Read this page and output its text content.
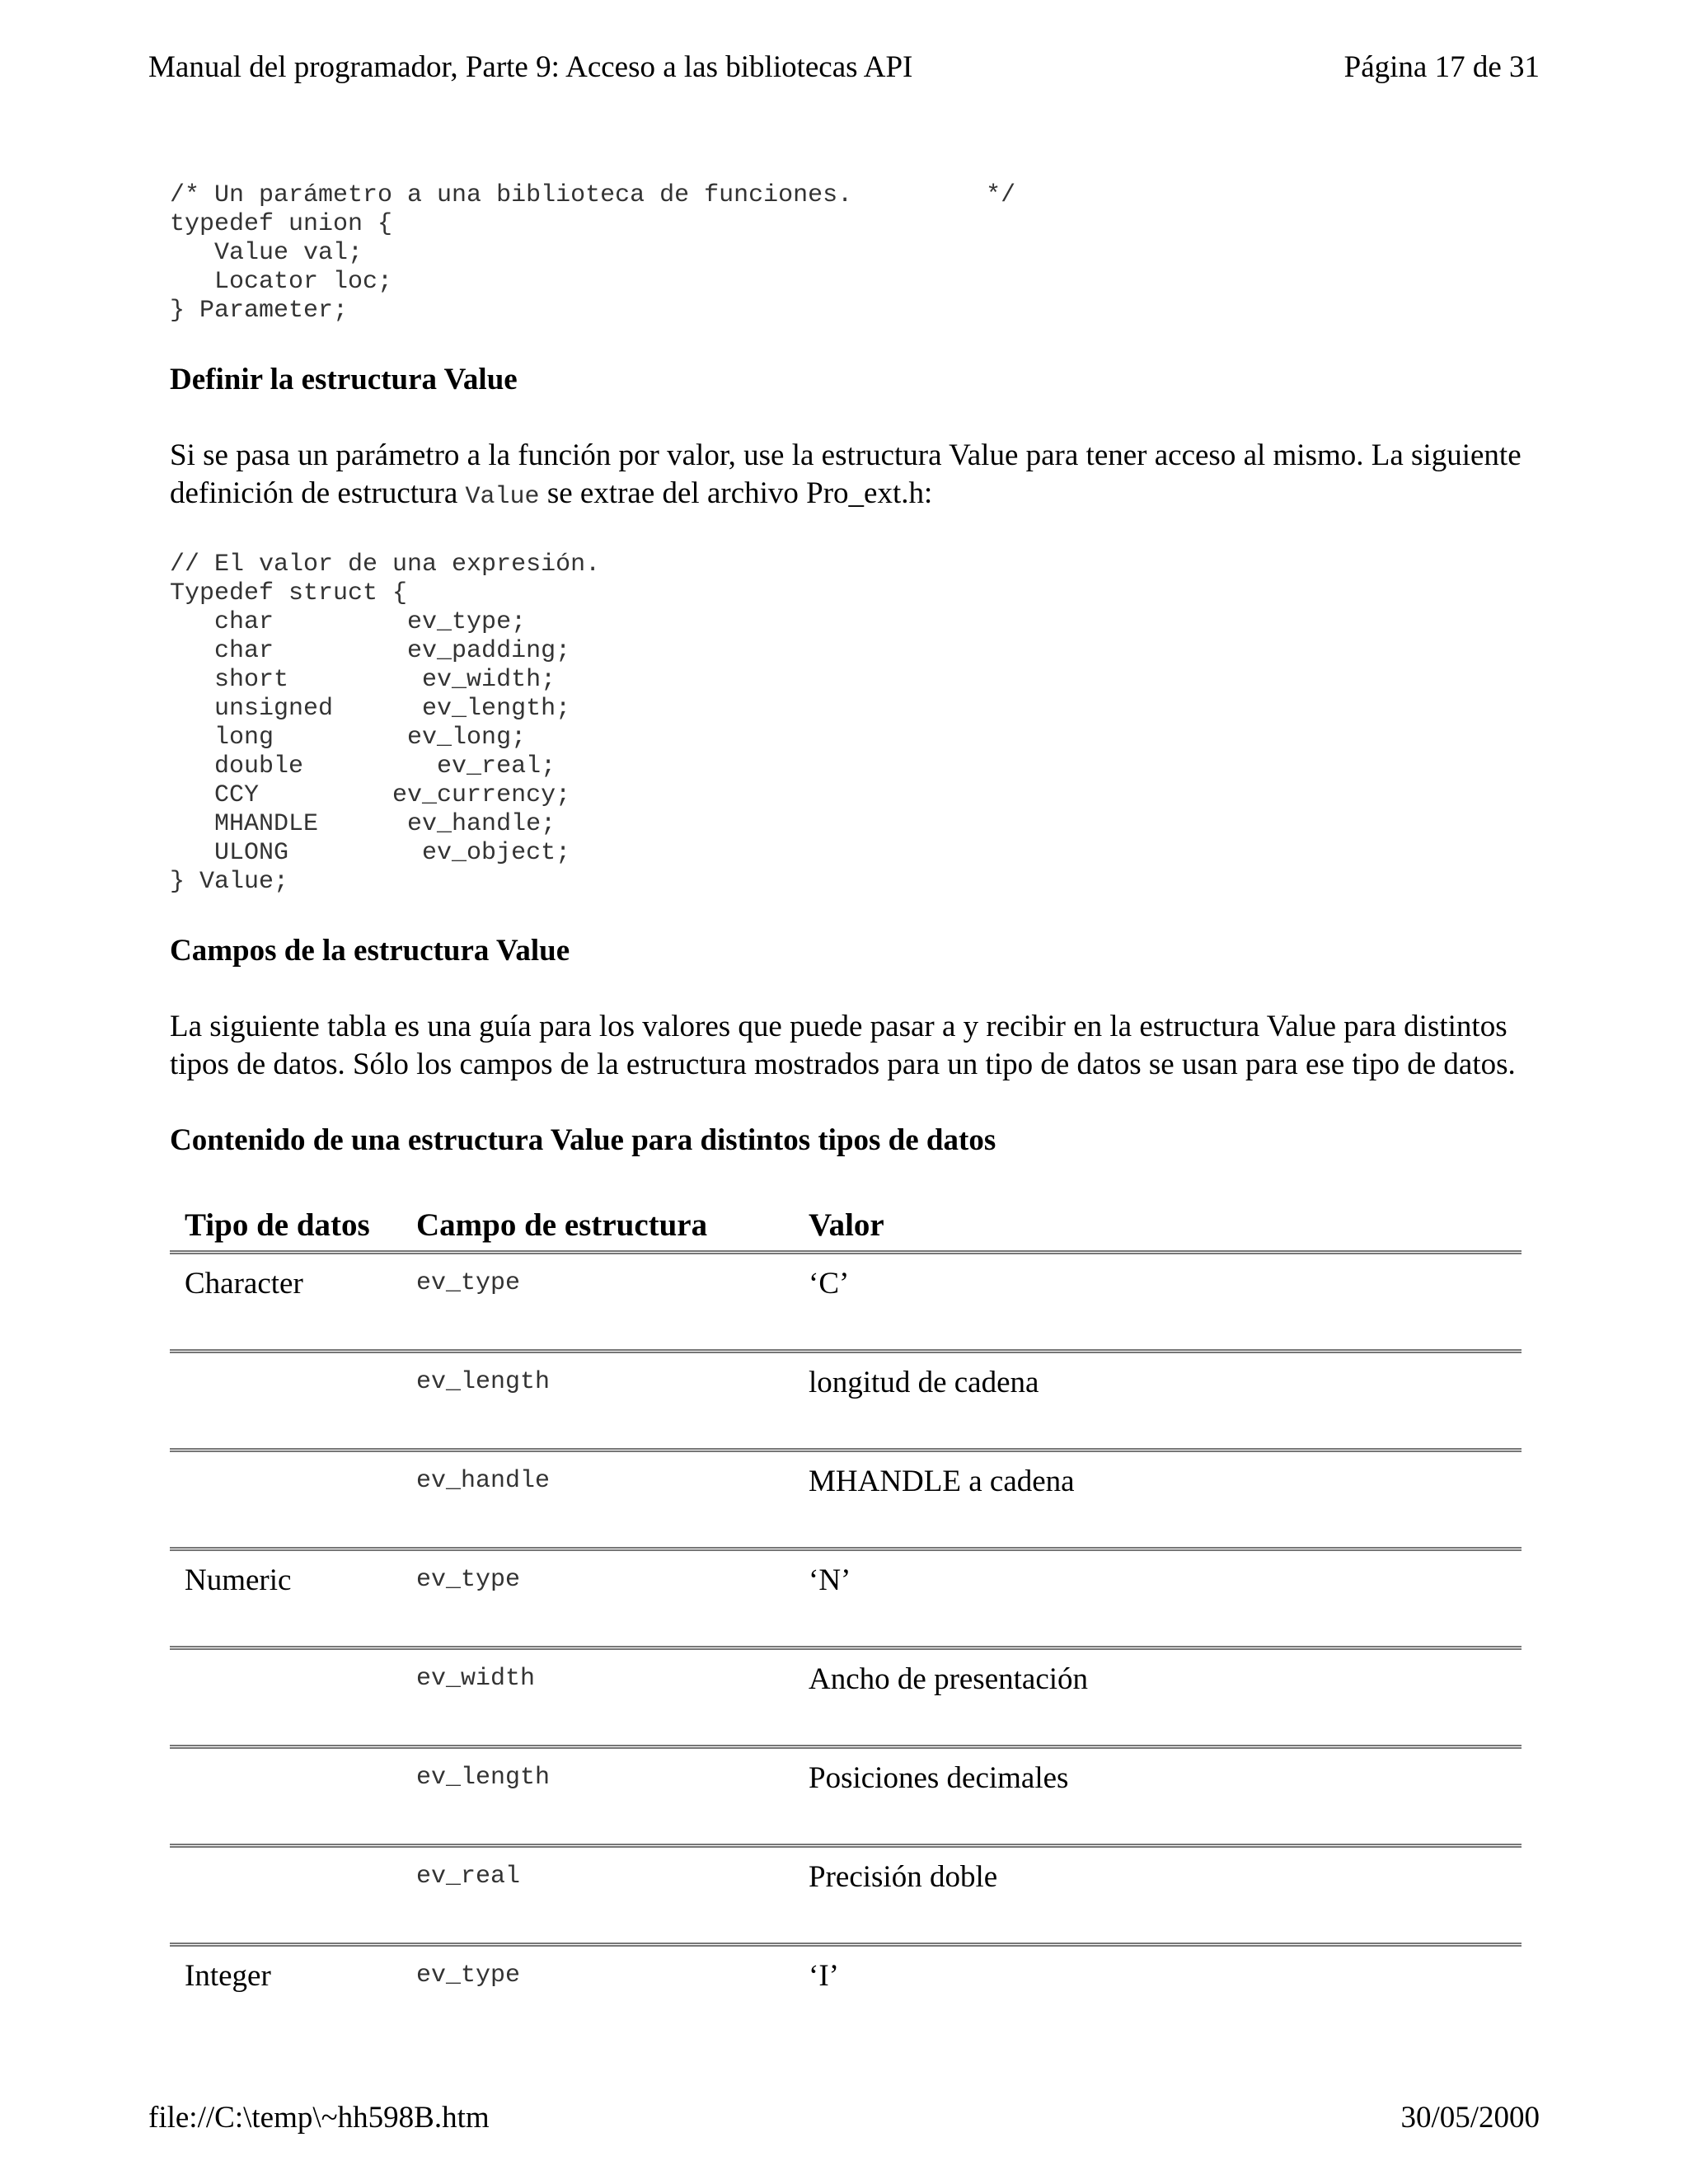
Manual del programador, Parte 9: Acceso a las bibliotecas API	Página 17 de 31
/* Un parámetro a una biblioteca de funciones.         */
typedef union {
Value val;
Locator loc;
} Parameter;
Definir la estructura Value

Si se pasa un parámetro a la función por valor, use la estructura Value para tener acceso al mismo. La siguiente definición de estructura Value se extrae del archivo Pro_ext.h:

// El valor de una expresión.
Typedef struct {
char         ev_type;
char         ev_padding;
short         ev_width;
unsigned      ev_length;
long         ev_long;
double         ev_real;
CCY         ev_currency;
MHANDLE      ev_handle;
ULONG         ev_object;
} Value;
Campos de la estructura Value

La siguiente tabla es una guía para los valores que puede pasar a y recibir en la estructura Value para distintos tipos de datos. Sólo los campos de la estructura mostrados para un tipo de datos se usan para ese tipo de datos.

Contenido de una estructura Value para distintos tipos de datos
Tipo de datos	Campo de estructura	Valor
Character	ev_type	‘C’
	ev_length	longitud de cadena
	ev_handle	MHANDLE a cadena
Numeric	ev_type	‘N’
	ev_width	Ancho de presentación
	ev_length	Posiciones decimales
	ev_real	Precisión doble
Integer	ev_type	‘I’
file://C:\temp\~hh598B.htm	30/05/2000
